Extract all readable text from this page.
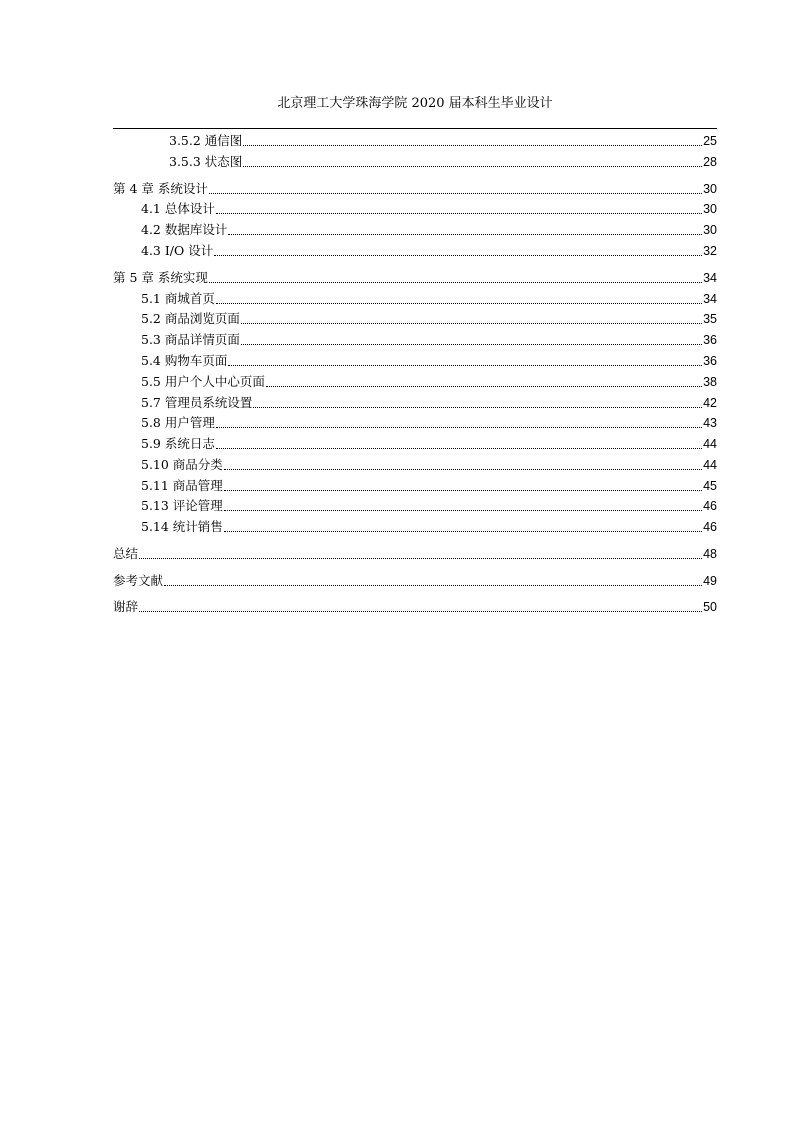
北京理工大学珠海学院 2020 届本科生毕业设计
3.5.2 通信图	25
3.5.3 状态图	28
第 4 章 系统设计	30
4.1 总体设计	30
4.2 数据库设计	30
4.3 I/O 设计	32
第 5 章 系统实现	34
5.1 商城首页	34
5.2 商品浏览页面	35
5.3 商品详情页面	36
5.4 购物车页面	36
5.5 用户个人中心页面	38
5.7 管理员系统设置	42
5.8 用户管理	43
5.9 系统日志	44
5.10 商品分类	44
5.11 商品管理	45
5.13 评论管理	46
5.14 统计销售	46
总结	48
参考文献	49
谢辞	50
